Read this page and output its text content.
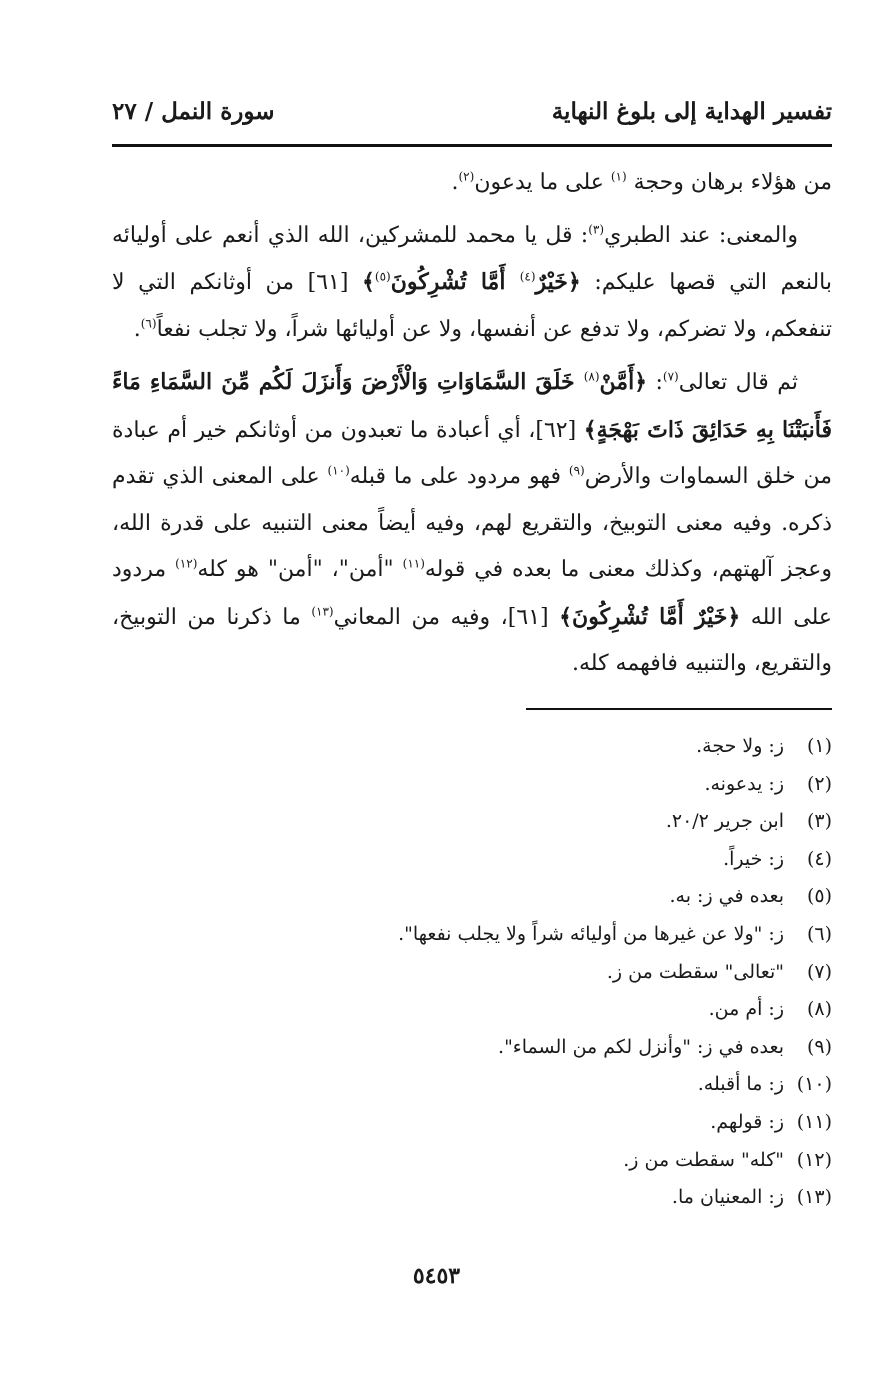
تفسير الهداية إلى بلوغ النهاية
سورة النمل / ٢٧

من هؤلاء برهان وحجة $^{(١)}$ على ما يدعون$^{(٢)}$.

والمعنى: عند الطبري$^{(٣)}$: قل يا محمد للمشركين، الله الذي أنعم على أوليائه بالنعم التي قصها عليكم: ﴿خَيْرٌ$^{(٤)}$ أَمَّا تُشْرِكُونَ$^{(٥)}$﴾ [٦١] من أوثانكم التي لا تنفعكم، ولا تضركم، ولا تدفع عن أنفسها، ولا عن أوليائها شراً، ولا تجلب نفعاً$^{(٦)}$.

ثم قال تعالى$^{(٧)}$: ﴿أَمَّنْ$^{(٨)}$ خَلَقَ السَّمَاوَاتِ وَالْأَرْضَ وَأَنزَلَ لَكُم مِّنَ السَّمَاءِ مَاءً فَأَنبَتْنَا بِهِ حَدَائِقَ ذَاتَ بَهْجَةٍ﴾ [٦٢]، أي أعبادة ما تعبدون من أوثانكم خير أم عبادة من خلق السماوات والأرض$^{(٩)}$ فهو مردود على ما قبله$^{(١٠)}$ على المعنى الذي تقدم ذكره. وفيه معنى التوبيخ، والتقريع لهم، وفيه أيضاً معنى التنبيه على قدرة الله، وعجز آلهتهم، وكذلك معنى ما بعده في قوله$^{(١١)}$ "أمن"، "أمن" هو كله$^{(١٢)}$ مردود على الله ﴿خَيْرٌ أَمَّا تُشْرِكُونَ﴾ [٦١]، وفيه من المعاني$^{(١٣)}$ ما ذكرنا من التوبيخ، والتقريع، والتنبيه فافهمه كله.

(١)ز: ولا حجة.
(٢)ز: يدعونه.
(٣)ابن جرير ٢٠/٢.
(٤)ز: خيراً.
(٥)بعده في ز: به.
(٦)ز: "ولا عن غيرها من أوليائه شراً ولا يجلب نفعها".
(٧)"تعالى" سقطت من ز.
(٨)ز: أم من.
(٩)بعده في ز: "وأنزل لكم من السماء".
(١٠)ز: ما أقبله.
(١١)ز: قولهم.
(١٢)"كله" سقطت من ز.
(١٣)ز: المعنيان ما.
٥٤٥٣
